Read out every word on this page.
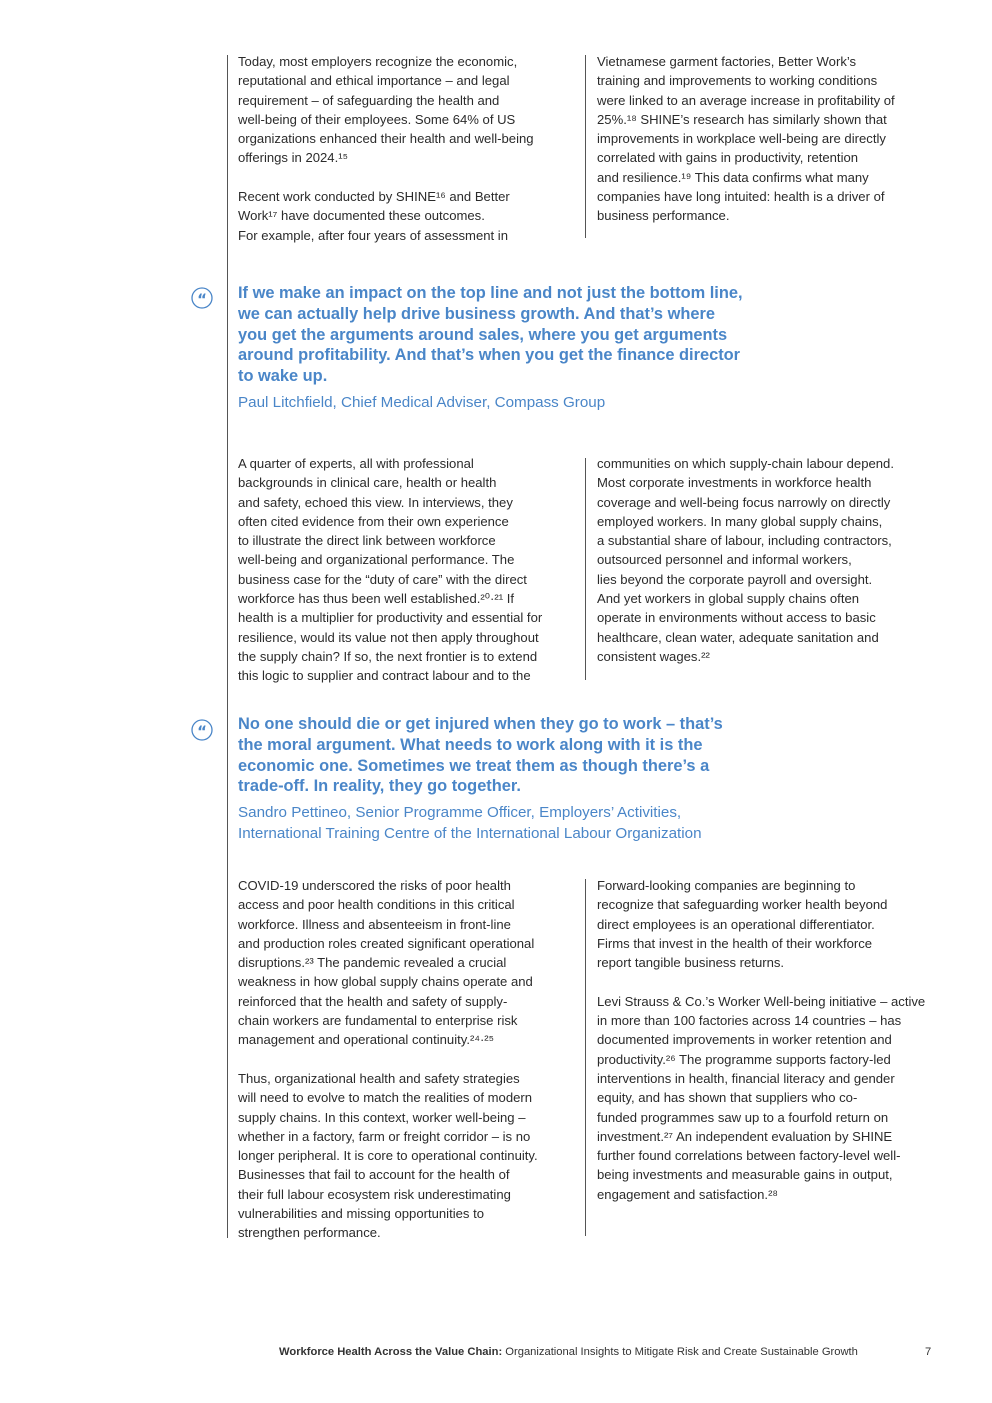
Today, most employers recognize the economic,
reputational and ethical importance – and legal
requirement – of safeguarding the health and
well-being of their employees. Some 64% of US
organizations enhanced their health and well-being
offerings in 2024.¹⁵

Recent work conducted by SHINE¹⁶ and Better
Work¹⁷ have documented these outcomes.
For example, after four years of assessment in

Vietnamese garment factories, Better Work’s
training and improvements to working conditions
were linked to an average increase in profitability of
25%.¹⁸ SHINE’s research has similarly shown that
improvements in workplace well-being are directly
correlated with gains in productivity, retention
and resilience.¹⁹ This data confirms what many
companies have long intuited: health is a driver of
business performance.

“ If we make an impact on the top line and not just the bottom line,
we can actually help drive business growth. And that’s where
you get the arguments around sales, where you get arguments
around profitability. And that’s when you get the finance director
to wake up.

Paul Litchfield, Chief Medical Adviser, Compass Group

A quarter of experts, all with professional
backgrounds in clinical care, health or health
and safety, echoed this view. In interviews, they
often cited evidence from their own experience
to illustrate the direct link between workforce
well-being and organizational performance. The
business case for the “duty of care” with the direct
workforce has thus been well established.²⁰·²¹ If
health is a multiplier for productivity and essential for
resilience, would its value not then apply throughout
the supply chain? If so, the next frontier is to extend
this logic to supplier and contract labour and to the

communities on which supply-chain labour depend.
Most corporate investments in workforce health
coverage and well-being focus narrowly on directly
employed workers. In many global supply chains,
a substantial share of labour, including contractors,
outsourced personnel and informal workers,
lies beyond the corporate payroll and oversight.
And yet workers in global supply chains often
operate in environments without access to basic
healthcare, clean water, adequate sanitation and
consistent wages.²²

“ No one should die or get injured when they go to work – that’s
the moral argument. What needs to work along with it is the
economic one. Sometimes we treat them as though there’s a
trade-off. In reality, they go together.

Sandro Pettineo, Senior Programme Officer, Employers’ Activities,
International Training Centre of the International Labour Organization

COVID-19 underscored the risks of poor health
access and poor health conditions in this critical
workforce. Illness and absenteeism in front-line
and production roles created significant operational
disruptions.²³ The pandemic revealed a crucial
weakness in how global supply chains operate and
reinforced that the health and safety of supply-
chain workers are fundamental to enterprise risk
management and operational continuity.²⁴·²⁵

Thus, organizational health and safety strategies
will need to evolve to match the realities of modern
supply chains. In this context, worker well-being –
whether in a factory, farm or freight corridor – is no
longer peripheral. It is core to operational continuity.
Businesses that fail to account for the health of
their full labour ecosystem risk underestimating
vulnerabilities and missing opportunities to
strengthen performance.

Forward-looking companies are beginning to
recognize that safeguarding worker health beyond
direct employees is an operational differentiator.
Firms that invest in the health of their workforce
report tangible business returns.

Levi Strauss & Co.’s Worker Well-being initiative – active
in more than 100 factories across 14 countries – has
documented improvements in worker retention and
productivity.²⁶ The programme supports factory-led
interventions in health, financial literacy and gender
equity, and has shown that suppliers who co-
funded programmes saw up to a fourfold return on
investment.²⁷ An independent evaluation by SHINE
further found correlations between factory-level well-
being investments and measurable gains in output,
engagement and satisfaction.²⁸

Workforce Health Across the Value Chain: Organizational Insights to Mitigate Risk and Create Sustainable Growth	7
